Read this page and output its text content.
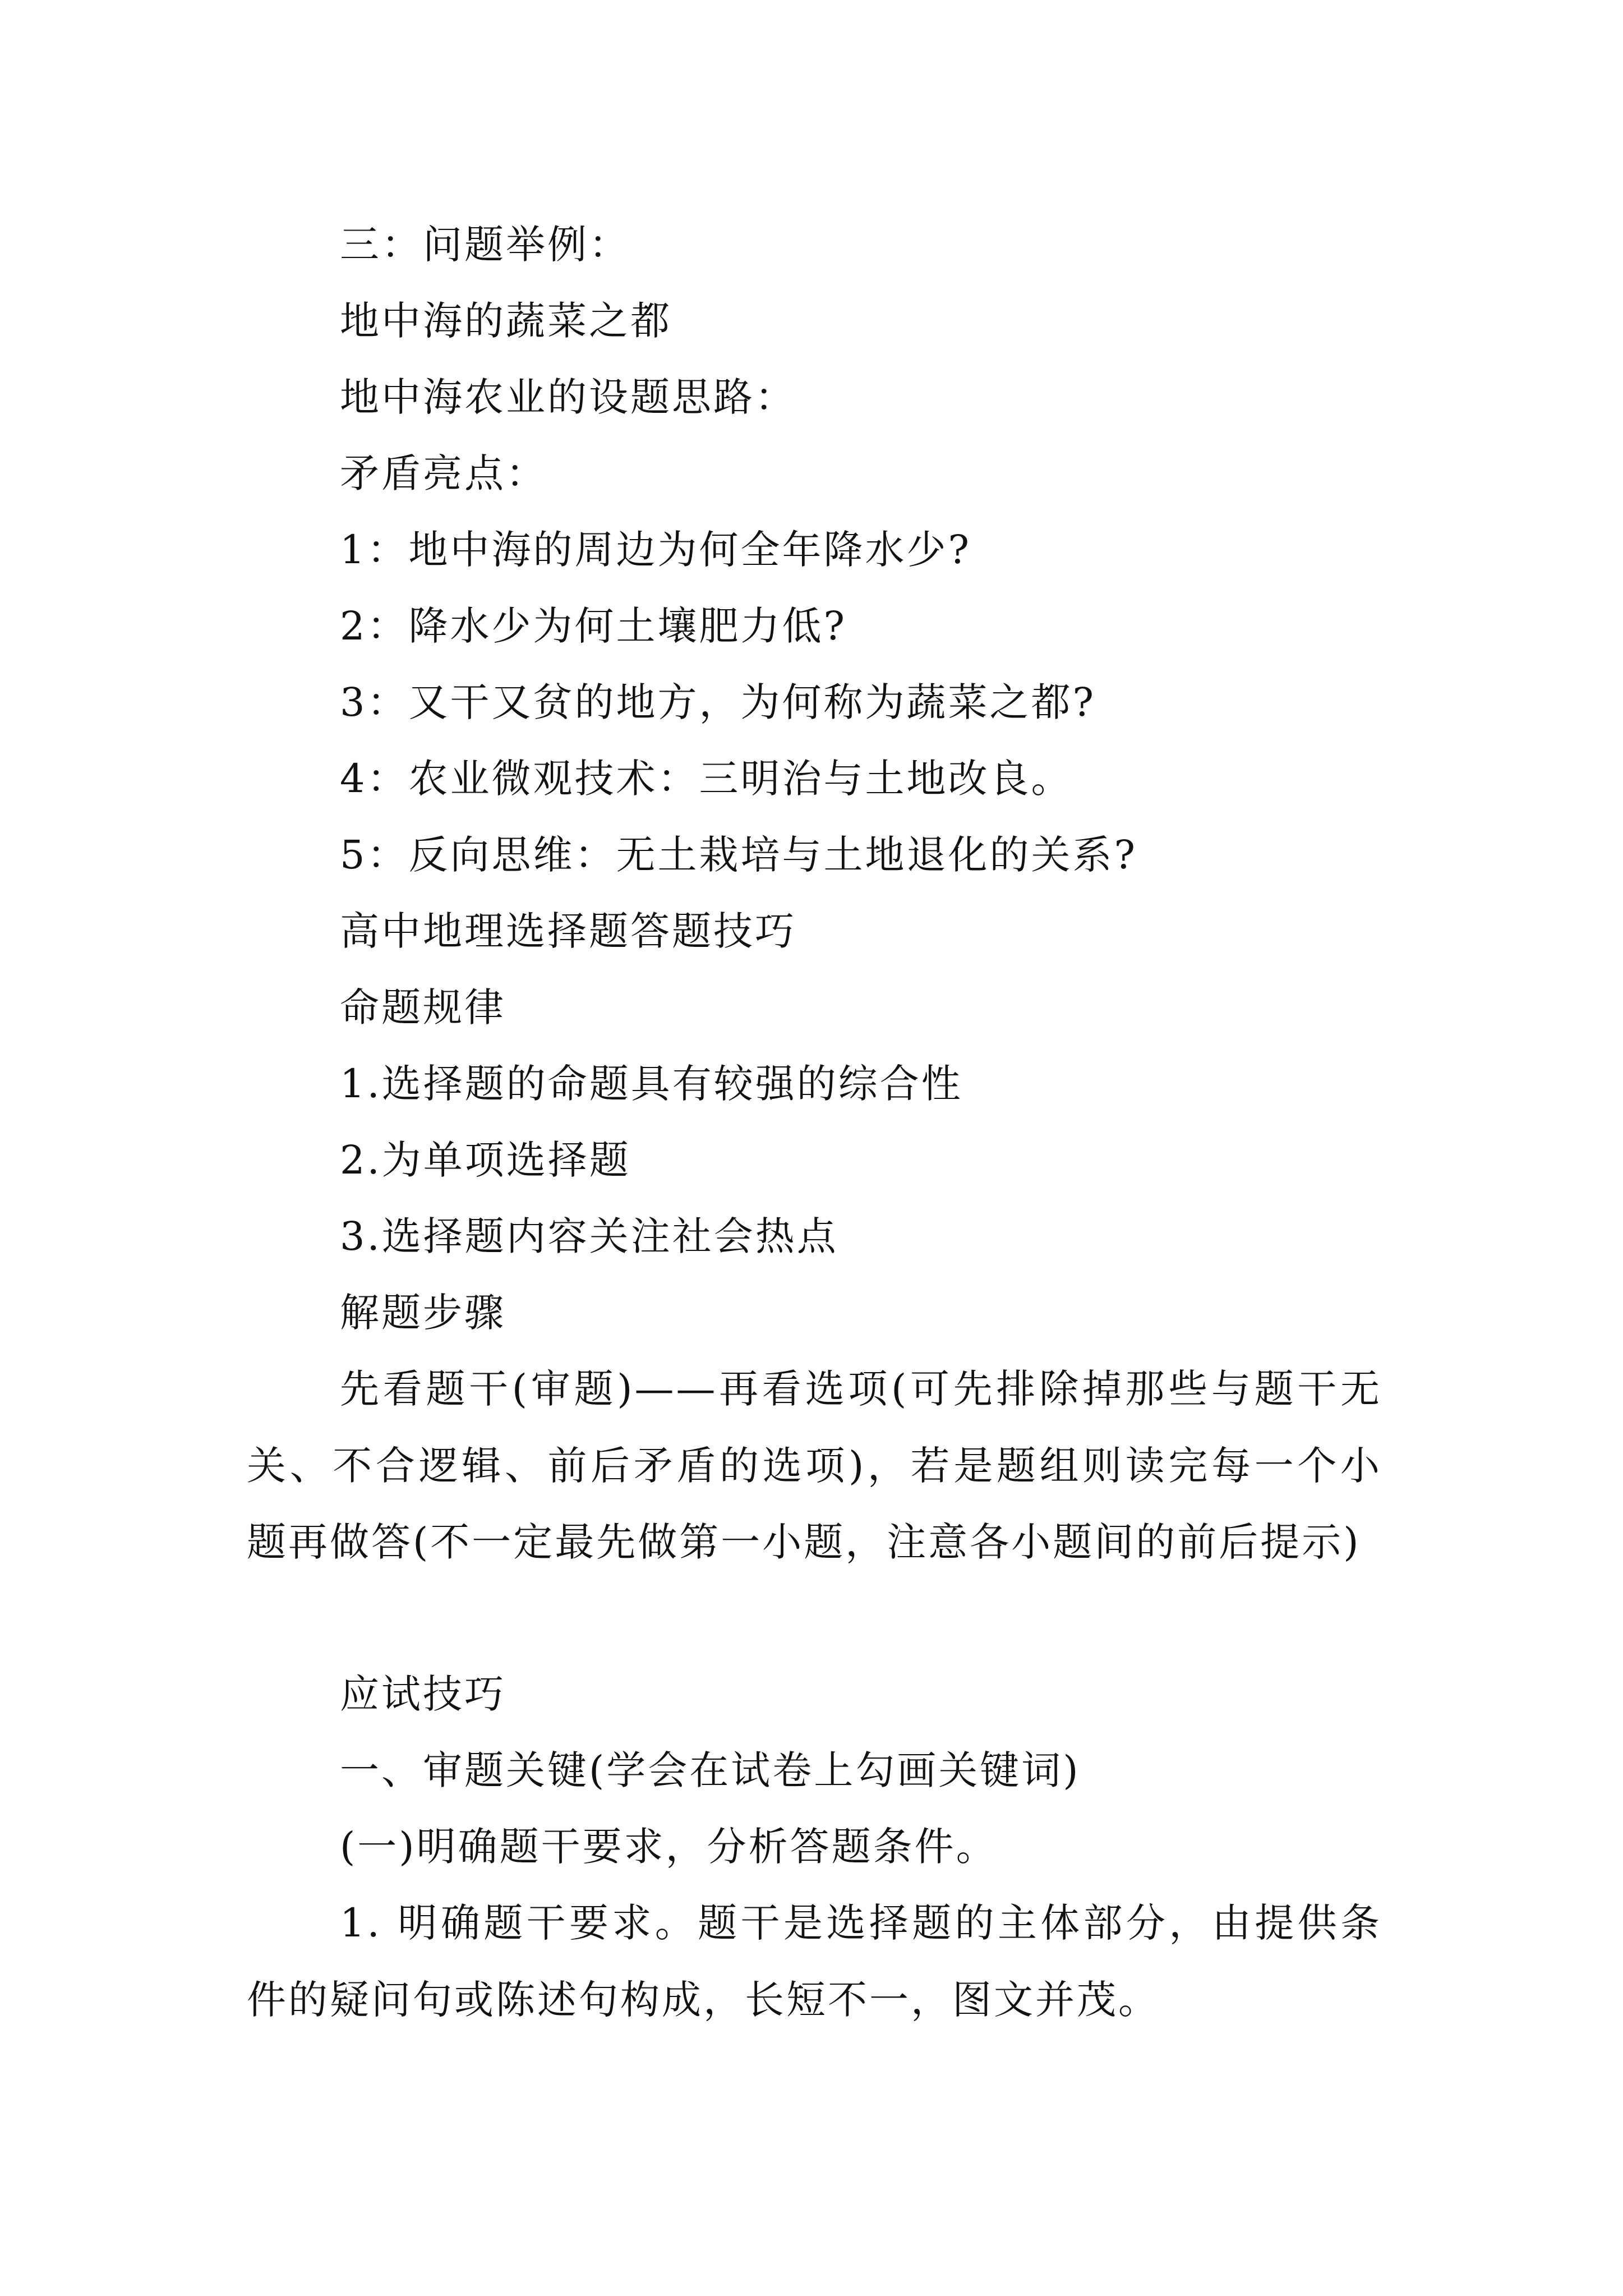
三：问题举例：
地中海的蔬菜之都
地中海农业的设题思路：
矛盾亮点：
1：地中海的周边为何全年降水少?
2：降水少为何土壤肥力低?
3：又干又贫的地方，为何称为蔬菜之都?
4：农业微观技术：三明治与土地改良。
5：反向思维：无土栽培与土地退化的关系?
高中地理选择题答题技巧
命题规律
1.选择题的命题具有较强的综合性
2.为单项选择题
3.选择题内容关注社会热点
解题步骤

先看题干(审题)——再看选项(可先排除掉那些与题干无关、不合逻辑、前后矛盾的选项)，若是题组则读完每一个小题再做答(不一定最先做第一小题，注意各小题间的前后提示)

应试技巧
一、审题关键(学会在试卷上勾画关键词)
(一)明确题干要求，分析答题条件。

1. 明确题干要求。题干是选择题的主体部分，由提供条件的疑问句或陈述句构成，长短不一，图文并茂。
